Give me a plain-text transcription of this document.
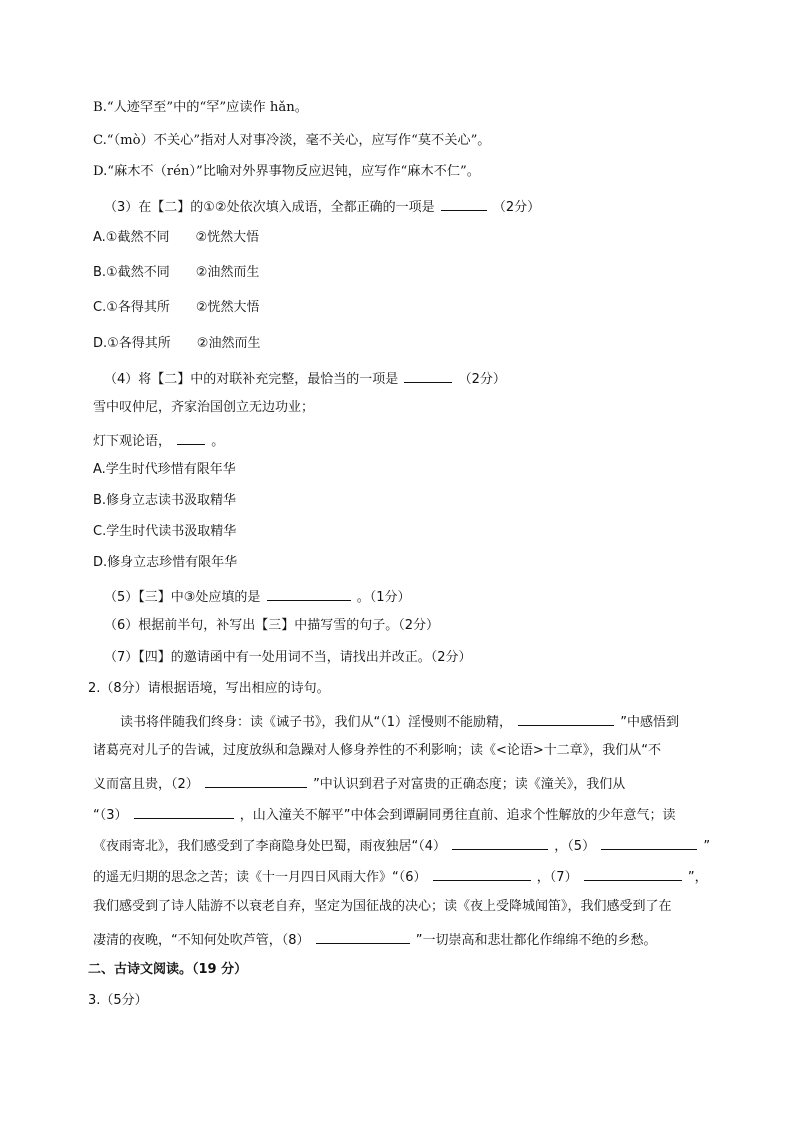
B.“人迹罕至”中的“罕”应读作 hǎn。
C.“（mò）不关心”指对人对事冷淡，毫不关心，应写作“莫不关心”。
D.“麻木不（rén）”比喻对外界事物反应迟钝，应写作“麻木不仁”。
（3）在【二】的①②处依次填入成语，全都正确的一项是	（2分）
A.①截然不同　　②恍然大悟
B.①截然不同　　②油然而生
C.①各得其所　　②恍然大悟
D.①各得其所　　②油然而生
（4）将【二】中的对联补充完整，最恰当的一项是	（2分）
雪中叹仲尼，齐家治国创立无边功业；
灯下观论语，	。
A.学生时代珍惜有限年华
B.修身立志读书汲取精华
C.学生时代读书汲取精华
D.修身立志珍惜有限年华
（5）【三】中③处应填的是	。（1分）
（6）根据前半句，补写出【三】中描写雪的句子。（2分）
（7）【四】的邀请函中有一处用词不当，请找出并改正。（2分）
2.（8分）请根据语境，写出相应的诗句。
读书将伴随我们终身：读《诫子书》，我们从“（1）淫慢则不能励精，	”中感悟到
诸葛亮对儿子的告诫，过度放纵和急躁对人修身养性的不利影响；读《<论语>十二章》，我们从“不
义而富且贵，（2）	”中认识到君子对富贵的正确态度；读《潼关》，我们从
“（3）	，山入潼关不解平”中体会到谭嗣同勇往直前、追求个性解放的少年意气；读
《夜雨寄北》，我们感受到了李商隐身处巴蜀，雨夜独居“（4）	，（5）	”
的遥无归期的思念之苦；读《十一月四日风雨大作》“（6）	，（7）	”，
我们感受到了诗人陆游不以衰老自弃，坚定为国征战的决心；读《夜上受降城闻笛》，我们感受到了在
凄清的夜晚，“不知何处吹芦管，（8）	”一切崇高和悲壮都化作绵绵不绝的乡愁。
二、古诗文阅读。（19 分）
3.（5分）
